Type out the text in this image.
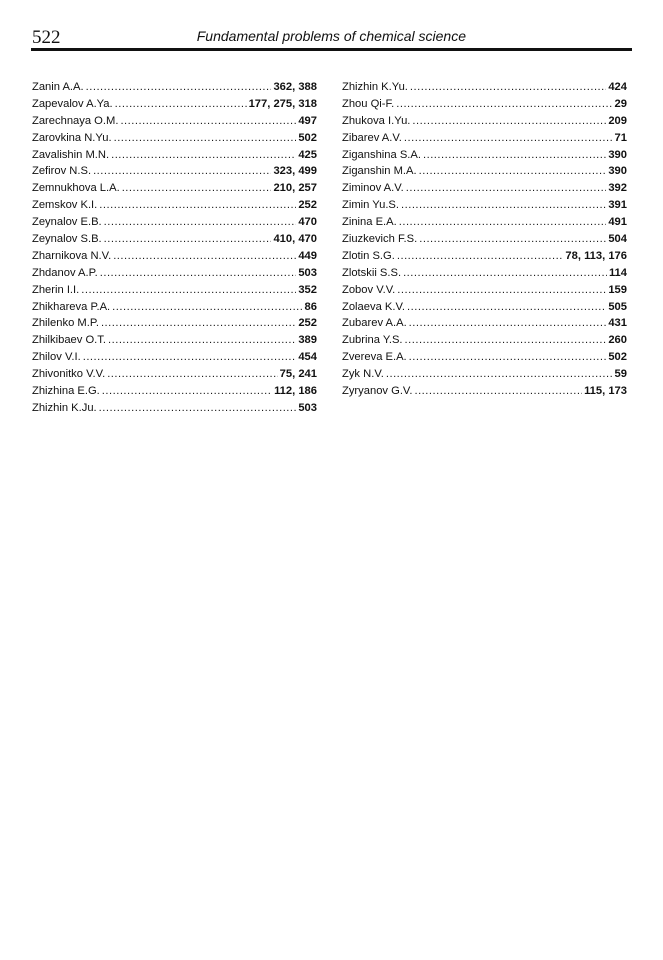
522	Fundamental problems of chemical science
Zanin A.A. .....	362, 388
Zapevalov A.Ya. .....	177, 275, 318
Zarechnaya O.M. .....	497
Zarovkina N.Yu. .....	502
Zavalishin M.N. .....	425
Zefirov N.S. .....	323, 499
Zemnukhova L.A. .....	210, 257
Zemskov K.I. .....	252
Zeynalov E.B. .....	470
Zeynalov S.B. .....	410, 470
Zharnikova N.V. .....	449
Zhdanov A.P. .....	503
Zherin I.I. .....	352
Zhikhareva P.A. .....	86
Zhilenko M.P. .....	252
Zhilkibaev O.T. .....	389
Zhilov V.I. .....	454
Zhivonitko V.V. .....	75, 241
Zhizhina E.G. .....	112, 186
Zhizhin K.Ju. .....	503
Zhizhin K.Yu. .....	424
Zhou Qi-F. .....	29
Zhukova I.Yu. .....	209
Zibarev A.V. .....	71
Ziganshina S.A. .....	390
Ziganshin M.A. .....	390
Ziminov A.V. .....	392
Zimin Yu.S. .....	391
Zinina E.A. .....	491
Ziuzkevich F.S. .....	504
Zlotin S.G. .....	78, 113, 176
Zlotskii S.S. .....	114
Zobov V.V. .....	159
Zolaeva K.V. .....	505
Zubarev A.A. .....	431
Zubrina Y.S. .....	260
Zvereva E.A. .....	502
Zyk N.V. .....	59
Zyryanov G.V. .....	115, 173
